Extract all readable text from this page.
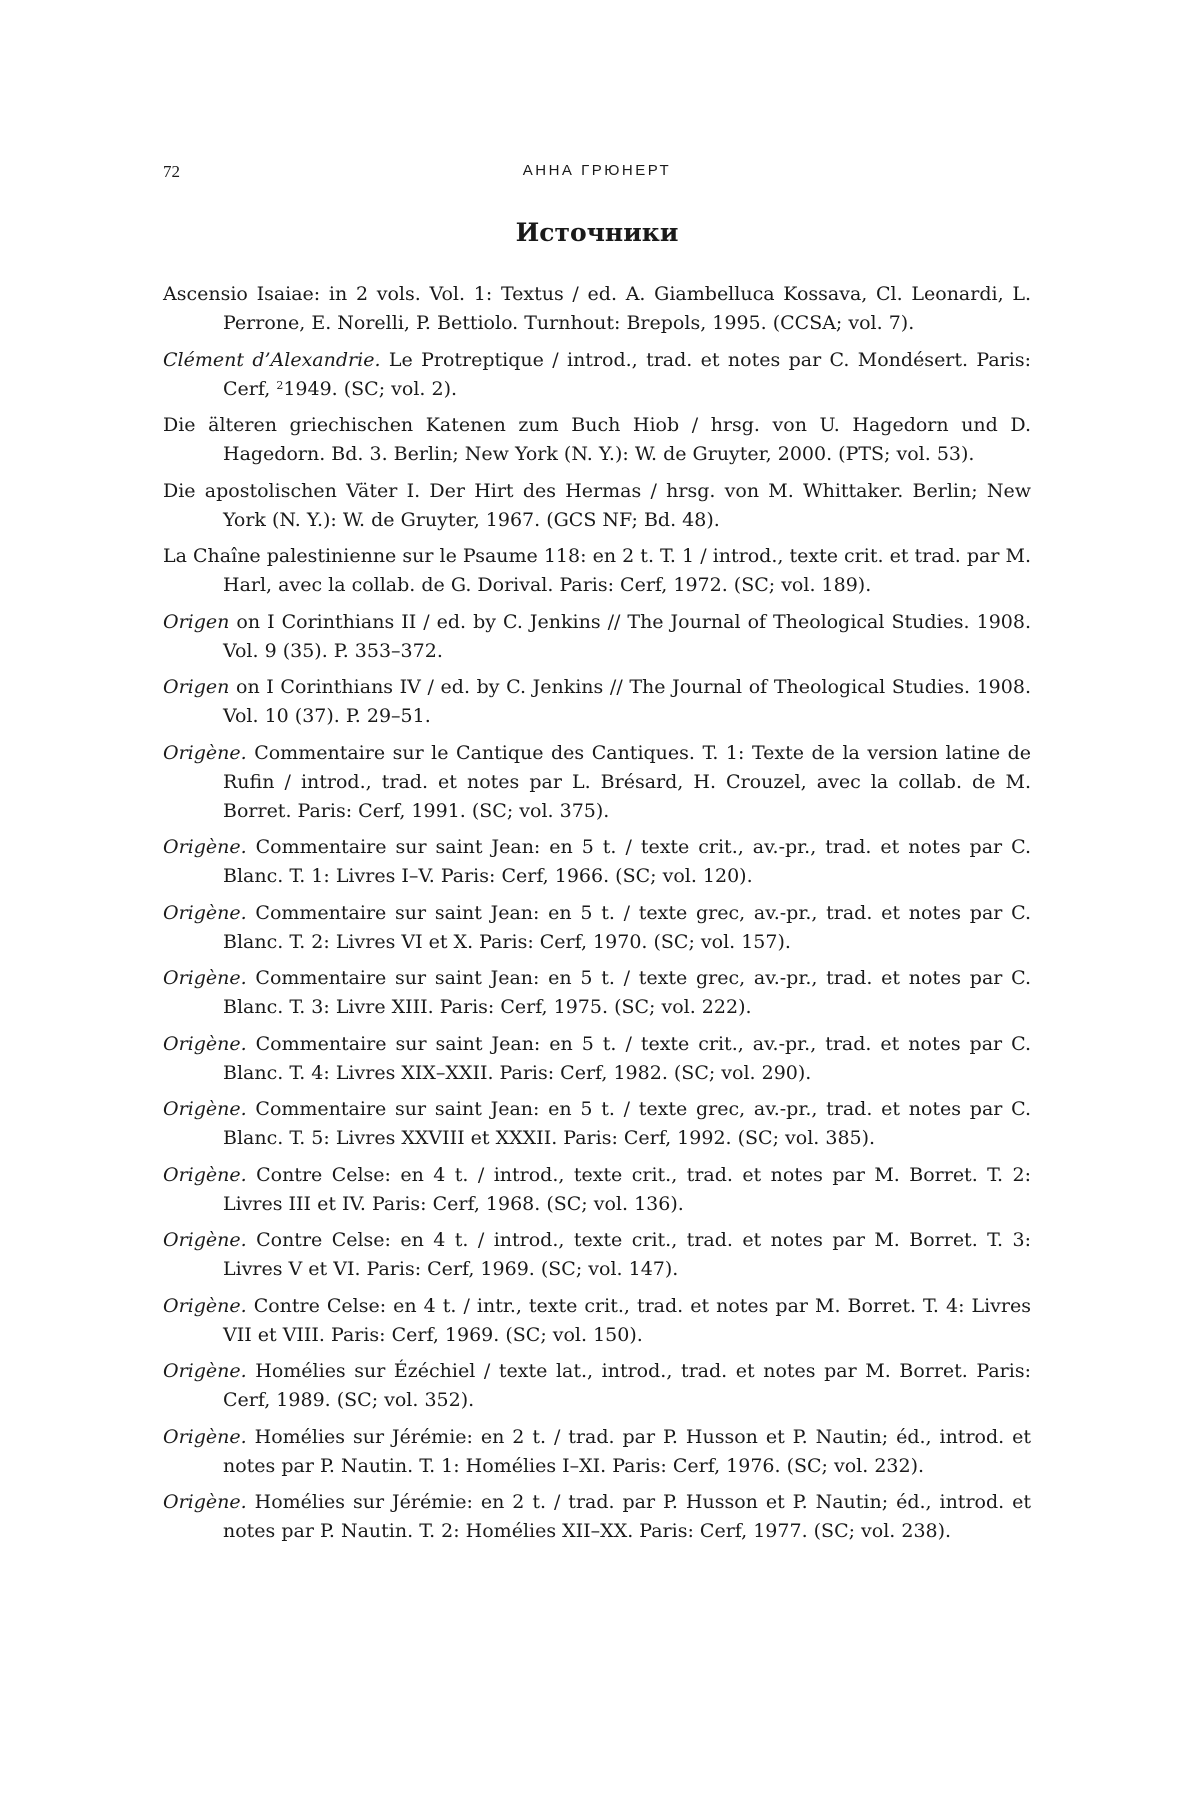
72	АННА ГРЮНЕРТ
Источники
Ascensio Isaiae: in 2 vols. Vol. 1: Textus / ed. A. Giambelluca Kossava, Cl. Leonardi, L. Perrone, E. Norelli, P. Bettiolo. Turnhout: Brepols, 1995. (CCSA; vol. 7).
Clément d’Alexandrie. Le Protreptique / introd., trad. et notes par C. Mondésert. Paris: Cerf, $^2$1949. (SC; vol. 2).
Die älteren griechischen Katenen zum Buch Hiob / hrsg. von U. Hagedorn und D. Hagedorn. Bd. 3. Berlin; New York (N. Y.): W. de Gruyter, 2000. (PTS; vol. 53).
Die apostolischen Väter I. Der Hirt des Hermas / hrsg. von M. Whittaker. Berlin; New York (N. Y.): W. de Gruyter, 1967. (GCS NF; Bd. 48).
La Chaîne palestinienne sur le Psaume 118: en 2 t. T. 1 / introd., texte crit. et trad. par M. Harl, avec la collab. de G. Dorival. Paris: Cerf, 1972. (SC; vol. 189).
Origen on I Corinthians II / ed. by C. Jenkins // The Journal of Theological Studies. 1908. Vol. 9 (35). P. 353–372.
Origen on I Corinthians IV / ed. by C. Jenkins // The Journal of Theological Studies. 1908. Vol. 10 (37). P. 29–51.
Origène. Commentaire sur le Cantique des Cantiques. T. 1: Texte de la version latine de Rufin / introd., trad. et notes par L. Brésard, H. Crouzel, avec la collab. de M. Borret. Paris: Cerf, 1991. (SC; vol. 375).
Origène. Commentaire sur saint Jean: en 5 t. / texte crit., av.-pr., trad. et notes par C. Blanc. T. 1: Livres I–V. Paris: Cerf, 1966. (SC; vol. 120).
Origène. Commentaire sur saint Jean: en 5 t. / texte grec, av.-pr., trad. et notes par C. Blanc. T. 2: Livres VI et X. Paris: Cerf, 1970. (SC; vol. 157).
Origène. Commentaire sur saint Jean: en 5 t. / texte grec, av.-pr., trad. et notes par C. Blanc. T. 3: Livre XIII. Paris: Cerf, 1975. (SC; vol. 222).
Origène. Commentaire sur saint Jean: en 5 t. / texte crit., av.-pr., trad. et notes par C. Blanc. T. 4: Livres XIX–XXII. Paris: Cerf, 1982. (SC; vol. 290).
Origène. Commentaire sur saint Jean: en 5 t. / texte grec, av.-pr., trad. et notes par C. Blanc. T. 5: Livres XXVIII et XXXII. Paris: Cerf, 1992. (SC; vol. 385).
Origène. Contre Celse: en 4 t. / introd., texte crit., trad. et notes par M. Borret. T. 2: Livres III et IV. Paris: Cerf, 1968. (SC; vol. 136).
Origène. Contre Celse: en 4 t. / introd., texte crit., trad. et notes par M. Borret. T. 3: Livres V et VI. Paris: Cerf, 1969. (SC; vol. 147).
Origène. Contre Celse: en 4 t. / intr., texte crit., trad. et notes par M. Borret. T. 4: Livres VII et VIII. Paris: Cerf, 1969. (SC; vol. 150).
Origène. Homélies sur Ézéchiel / texte lat., introd., trad. et notes par M. Borret. Paris: Cerf, 1989. (SC; vol. 352).
Origène. Homélies sur Jérémie: en 2 t. / trad. par P. Husson et P. Nautin; éd., introd. et notes par P. Nautin. T. 1: Homélies I–XI. Paris: Cerf, 1976. (SC; vol. 232).
Origène. Homélies sur Jérémie: en 2 t. / trad. par P. Husson et P. Nautin; éd., introd. et notes par P. Nautin. T. 2: Homélies XII–XX. Paris: Cerf, 1977. (SC; vol. 238).
